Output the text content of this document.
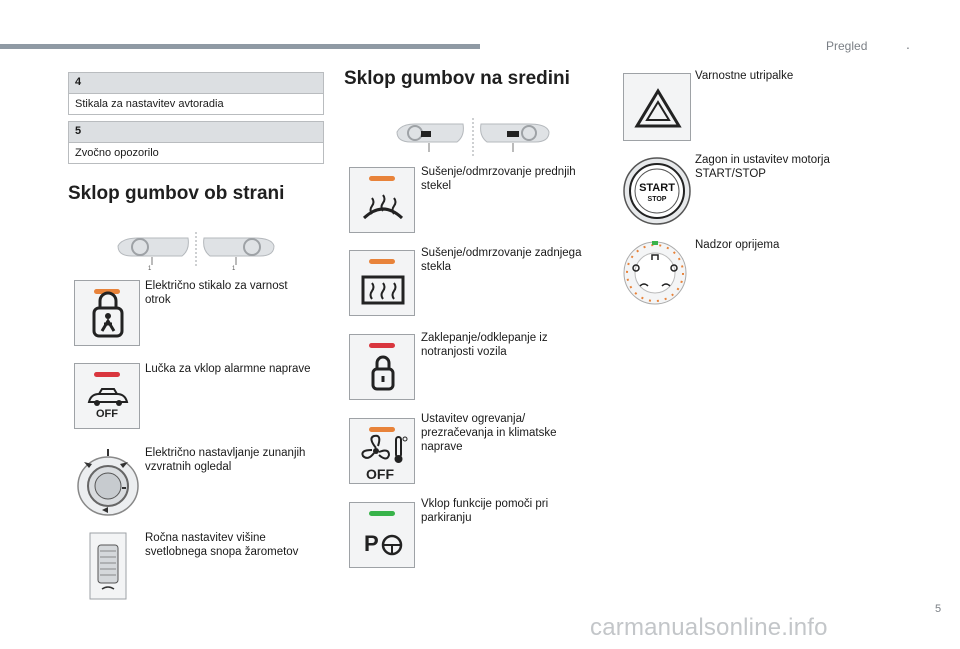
Pregled	.
4
Stikala za nastavitev avtoradia
5
Zvočno opozorilo
Sklop gumbov ob strani
1	1
Električno stikalo za varnost otrok
OFF
Lučka za vklop alarmne naprave
Električno nastavljanje zunanjih vzvratnih ogledal
Ročna nastavitev višine svetlobnega snopa žarometov
Sklop gumbov na sredini
Sušenje/odmrzovanje prednjih stekel
Sušenje/odmrzovanje zadnjega stekla
Zaklepanje/odklepanje iz notranjosti vozila
OFF
Ustavitev ogrevanja/ prezračevanja in klimatske naprave
P
Vklop funkcije pomoči pri parkiranju
Varnostne utripalke
START
STOP
Zagon in ustavitev motorja START/STOP
Nadzor oprijema
5
carmanualsonline.info
